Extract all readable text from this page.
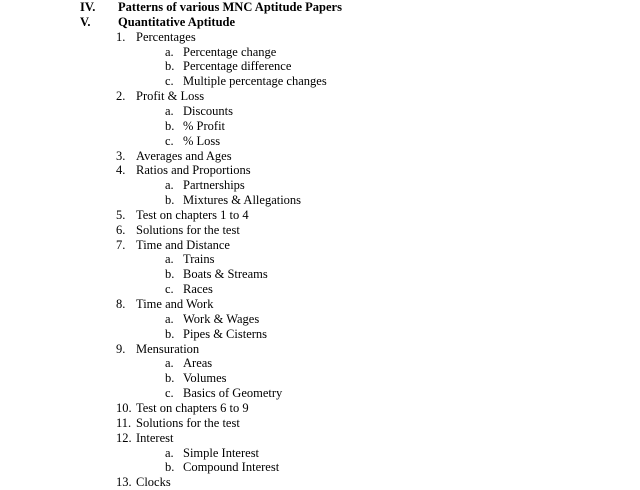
IV. Patterns of various MNC Aptitude Papers
V. Quantitative Aptitude
1. Percentages
a. Percentage change
b. Percentage difference
c. Multiple percentage changes
2. Profit & Loss
a. Discounts
b. % Profit
c. % Loss
3. Averages and Ages
4. Ratios and Proportions
a. Partnerships
b. Mixtures & Allegations
5. Test on chapters 1 to 4
6. Solutions for the test
7. Time and Distance
a. Trains
b. Boats & Streams
c. Races
8. Time and Work
a. Work & Wages
b. Pipes & Cisterns
9. Mensuration
a. Areas
b. Volumes
c. Basics of Geometry
10. Test on chapters 6 to 9
11. Solutions for the test
12. Interest
a. Simple Interest
b. Compound Interest
13. Clocks
